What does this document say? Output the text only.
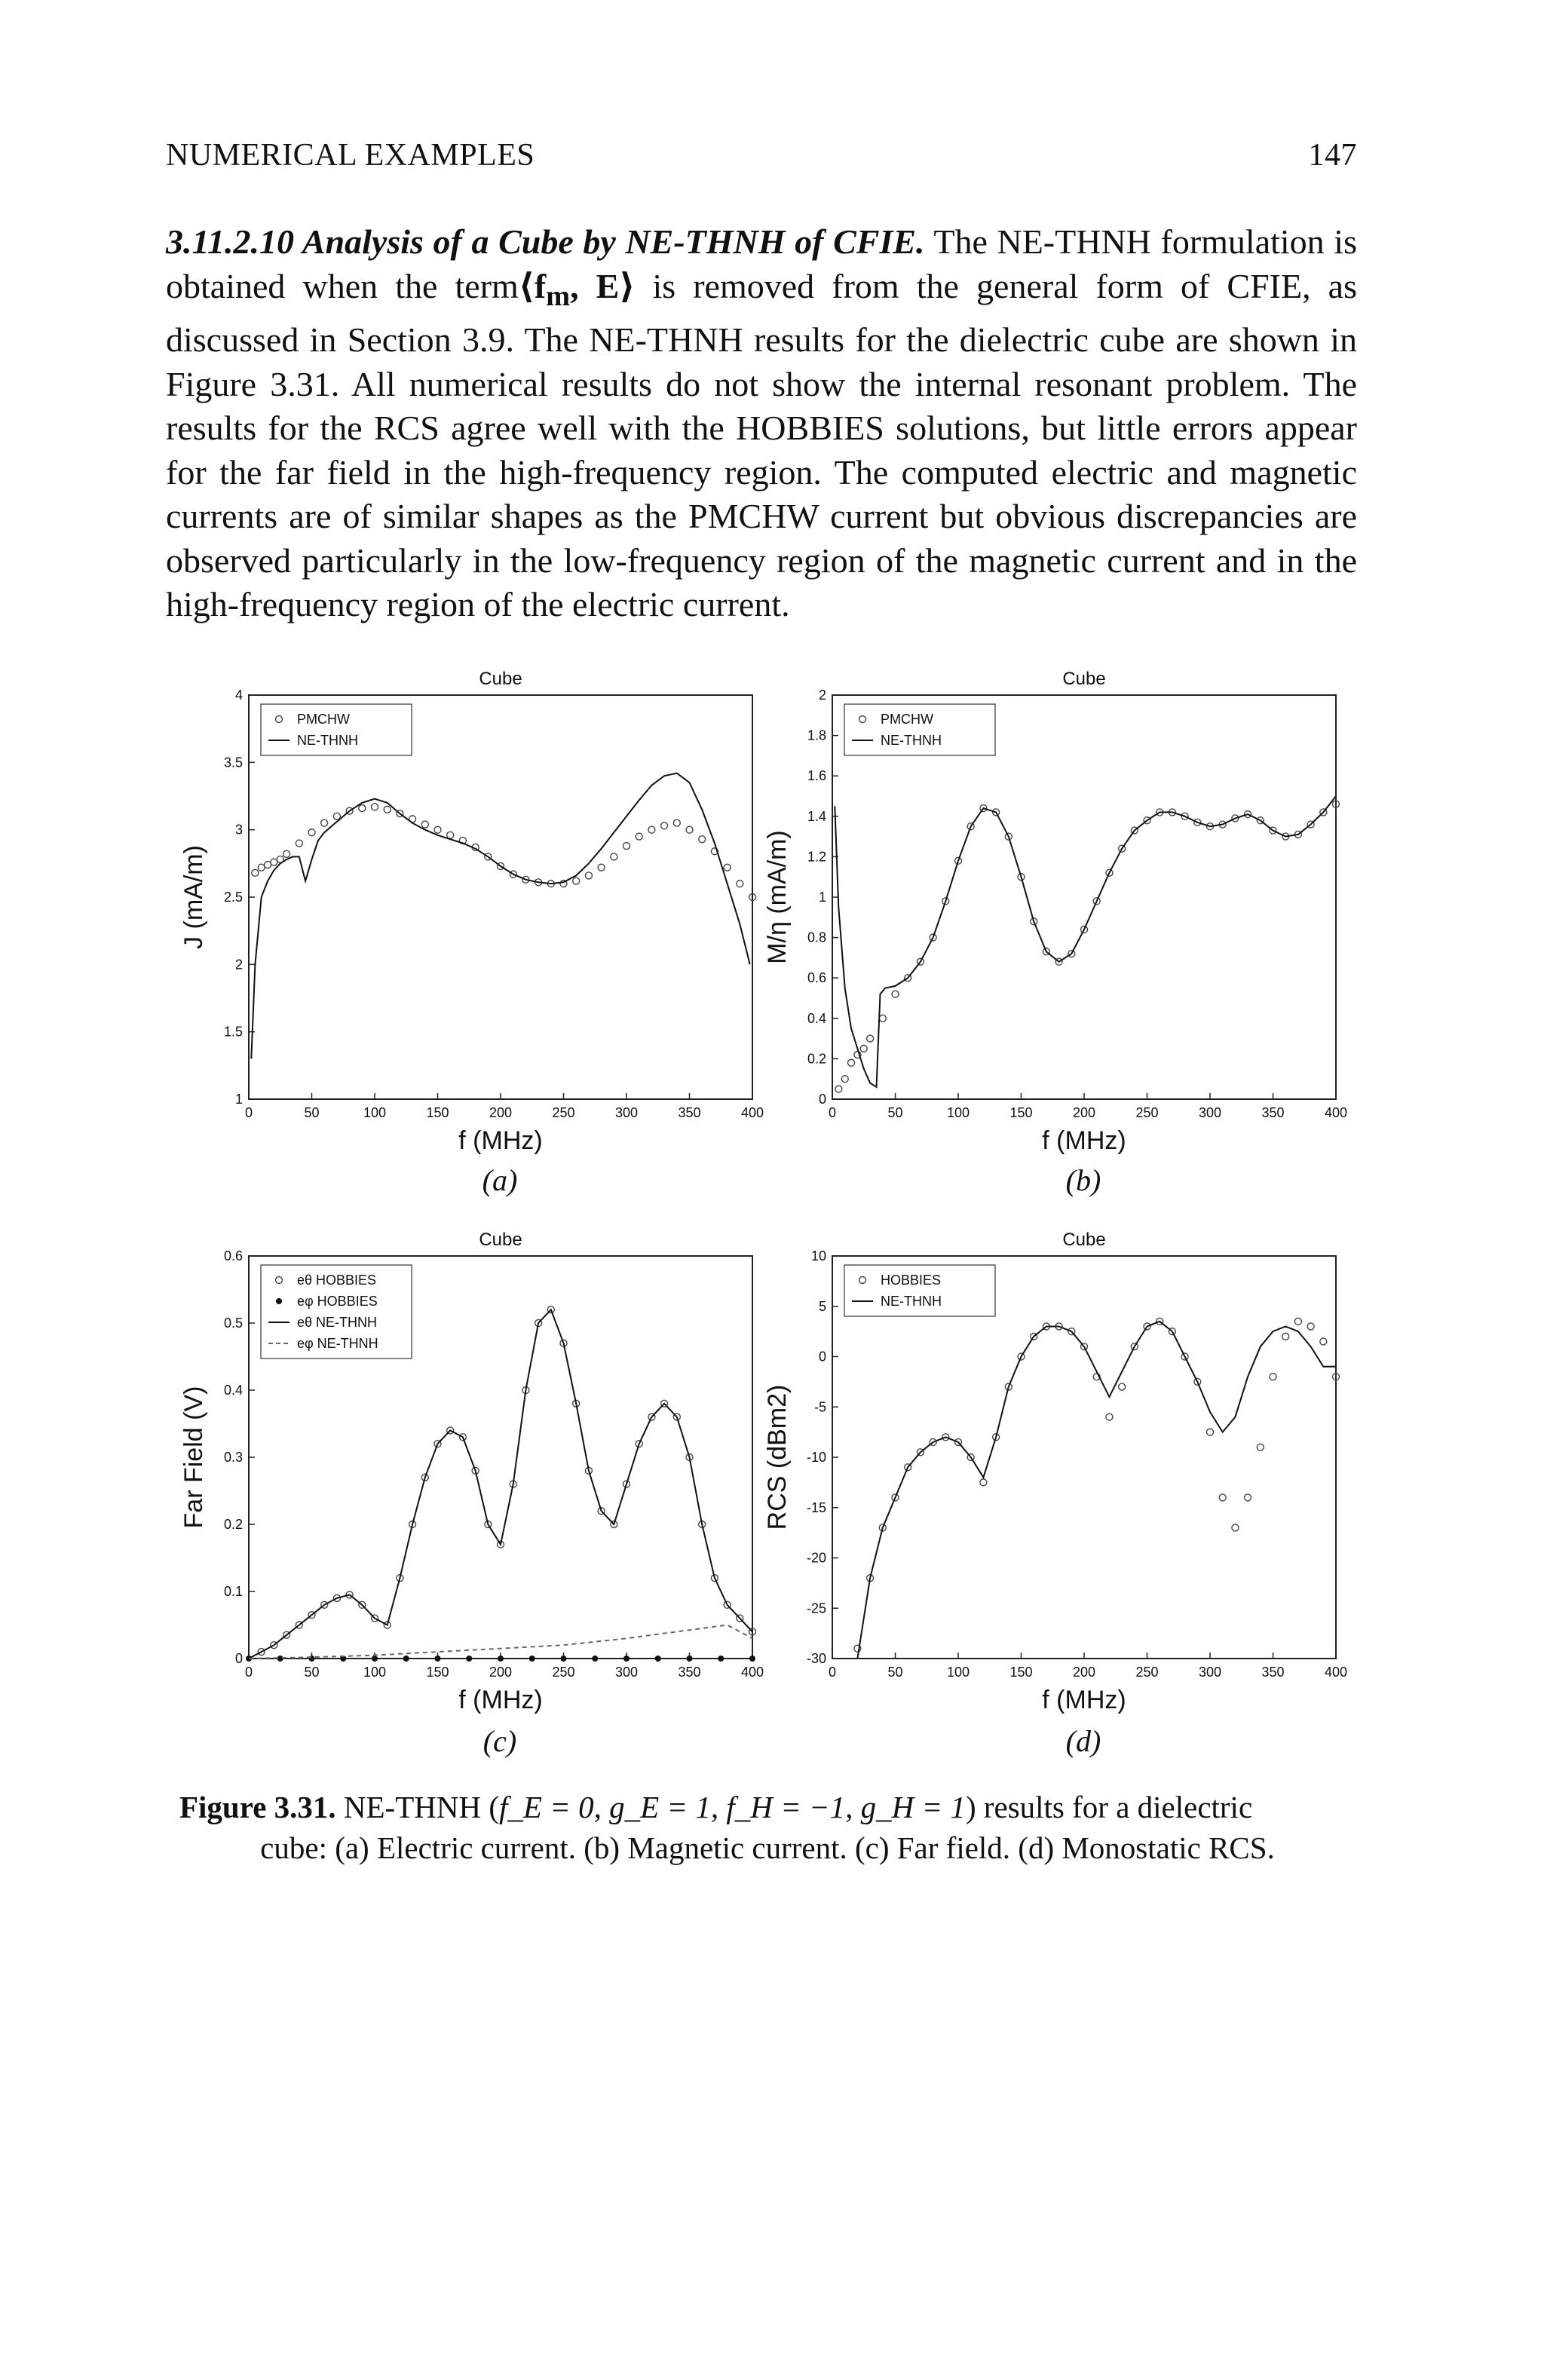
NUMERICAL EXAMPLES	147
3.11.2.10 Analysis of a Cube by NE-THNH of CFIE. The NE-THNH formulation is obtained when the $term⟨f_m$, E⟩ is removed from the general form of CFIE, as discussed in Section 3.9. The NE-THNH results for the dielectric cube are shown in Figure 3.31. All numerical results do not show the internal resonant problem. The results for the RCS agree well with the HOBBIES solutions, but little errors appear for the far field in the high-frequency region. The computed electric and magnetic currents are of similar shapes as the PMCHW current but obvious discrepancies are observed particularly in the low-frequency region of the magnetic current and in the high-frequency region of the electric current.
Cube
0	50	100	150	200	250	300	350	400
1
1.5
2
2.5
3
3.5
4
f (MHz)
J (mA/m)
PMCHW
NE-THNH
Cube
0	50	100	150	200	250	300	350	400
0
0.2
0.4
0.6
0.8
1
1.2
1.4
1.6
1.8
2
f (MHz)
M/η (mA/m)
PMCHW
NE-THNH
Cube
0	50	100	150	200	250	300	350	400
0
0.1
0.2
0.3
0.4
0.5
0.6
f (MHz)
Far Field (V)
eθ HOBBIES
eφ HOBBIES
eθ NE-THNH
eφ NE-THNH
Cube
0	50	100	150	200	250	300	350	400
-30
-25
-20
-15
-10
-5
0
5
10
f (MHz)
RCS (dBm2)
HOBBIES
NE-THNH
(a)	(b)
(c)	(d)
Figure 3.31. NE-THNH (f_E = 0, g_E = 1, f_H = −1, g_H = 1) results for a dielectric
cube: (a) Electric current. (b) Magnetic current. (c) Far field. (d) Monostatic RCS.
